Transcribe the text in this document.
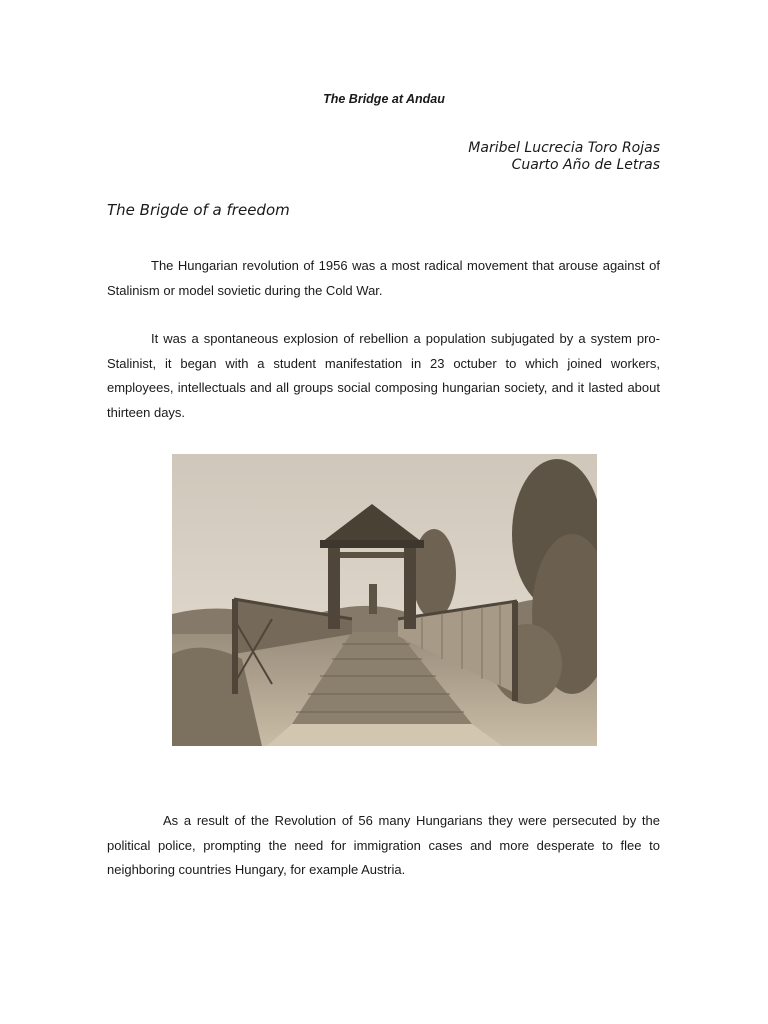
The Bridge at Andau
Maribel Lucrecia Toro Rojas
Cuarto Año de Letras
The Brigde of a freedom

The Hungarian revolution of 1956 was a most radical movement that arouse against of Stalinism or model sovietic during the Cold War.

It was a spontaneous explosion of rebellion a population subjugated by a system pro-Stalinist, it began with a student manifestation in 23 octuber to which joined workers, employees, intellectuals and all groups social composing hungarian society, and it lasted about thirteen days.

As a result of the Revolution of 56 many Hungarians they were persecuted by the political police, prompting the need for immigration cases and more desperate to flee to neighboring countries Hungary, for example Austria.
